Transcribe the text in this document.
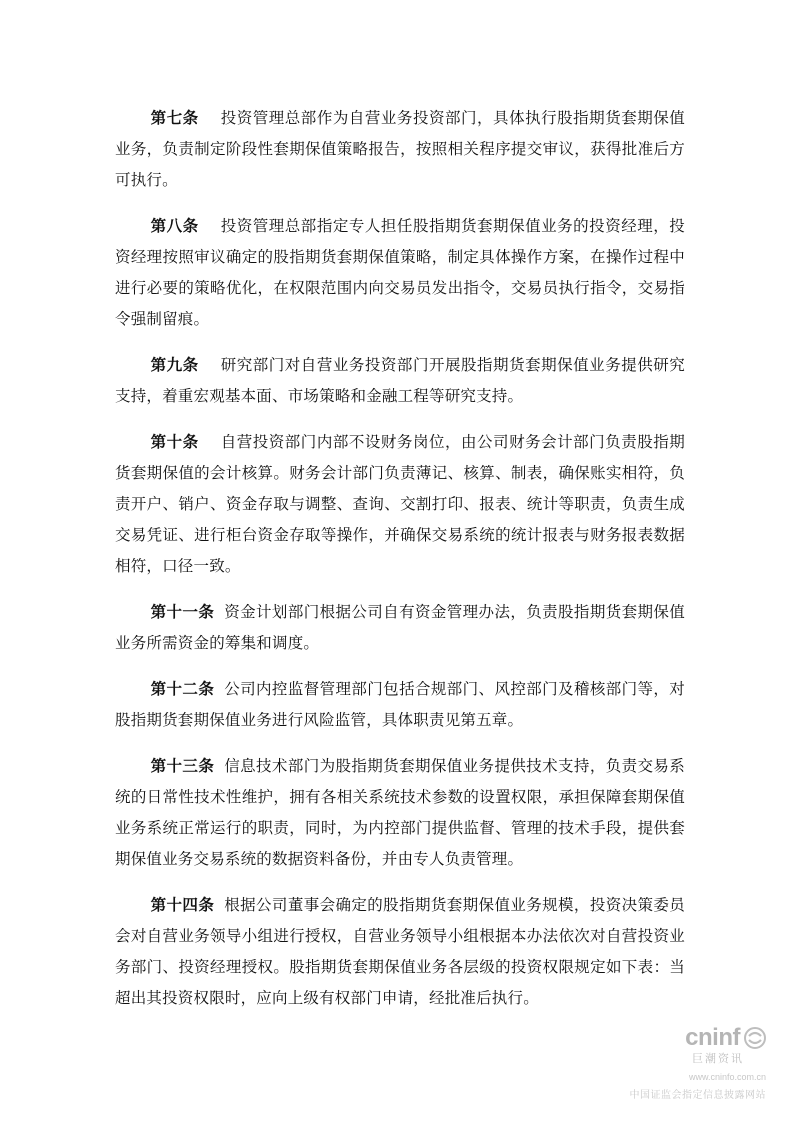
第七条 投资管理总部作为自营业务投资部门，具体执行股指期货套期保值业务，负责制定阶段性套期保值策略报告，按照相关程序提交审议，获得批准后方可执行。

第八条 投资管理总部指定专人担任股指期货套期保值业务的投资经理，投资经理按照审议确定的股指期货套期保值策略，制定具体操作方案，在操作过程中进行必要的策略优化，在权限范围内向交易员发出指令，交易员执行指令，交易指令强制留痕。

第九条 研究部门对自营业务投资部门开展股指期货套期保值业务提供研究支持，着重宏观基本面、市场策略和金融工程等研究支持。

第十条 自营投资部门内部不设财务岗位，由公司财务会计部门负责股指期货套期保值的会计核算。财务会计部门负责薄记、核算、制表，确保账实相符，负责开户、销户、资金存取与调整、查询、交割打印、报表、统计等职责，负责生成交易凭证、进行柜台资金存取等操作，并确保交易系统的统计报表与财务报表数据相符，口径一致。

第十一条 资金计划部门根据公司自有资金管理办法，负责股指期货套期保值业务所需资金的筹集和调度。

第十二条 公司内控监督管理部门包括合规部门、风控部门及稽核部门等，对股指期货套期保值业务进行风险监管，具体职责见第五章。

第十三条 信息技术部门为股指期货套期保值业务提供技术支持，负责交易系统的日常性技术性维护，拥有各相关系统技术参数的设置权限，承担保障套期保值业务系统正常运行的职责，同时，为内控部门提供监督、管理的技术手段，提供套期保值业务交易系统的数据资料备份，并由专人负责管理。

第十四条 根据公司董事会确定的股指期货套期保值业务规模，投资决策委员会对自营业务领导小组进行授权，自营业务领导小组根据本办法依次对自营投资业务部门、投资经理授权。股指期货套期保值业务各层级的投资权限规定如下表：当超出其投资权限时，应向上级有权部门申请，经批准后执行。

cninf
巨潮资讯
www.cninfo.com.cn
中国证监会指定信息披露网站
